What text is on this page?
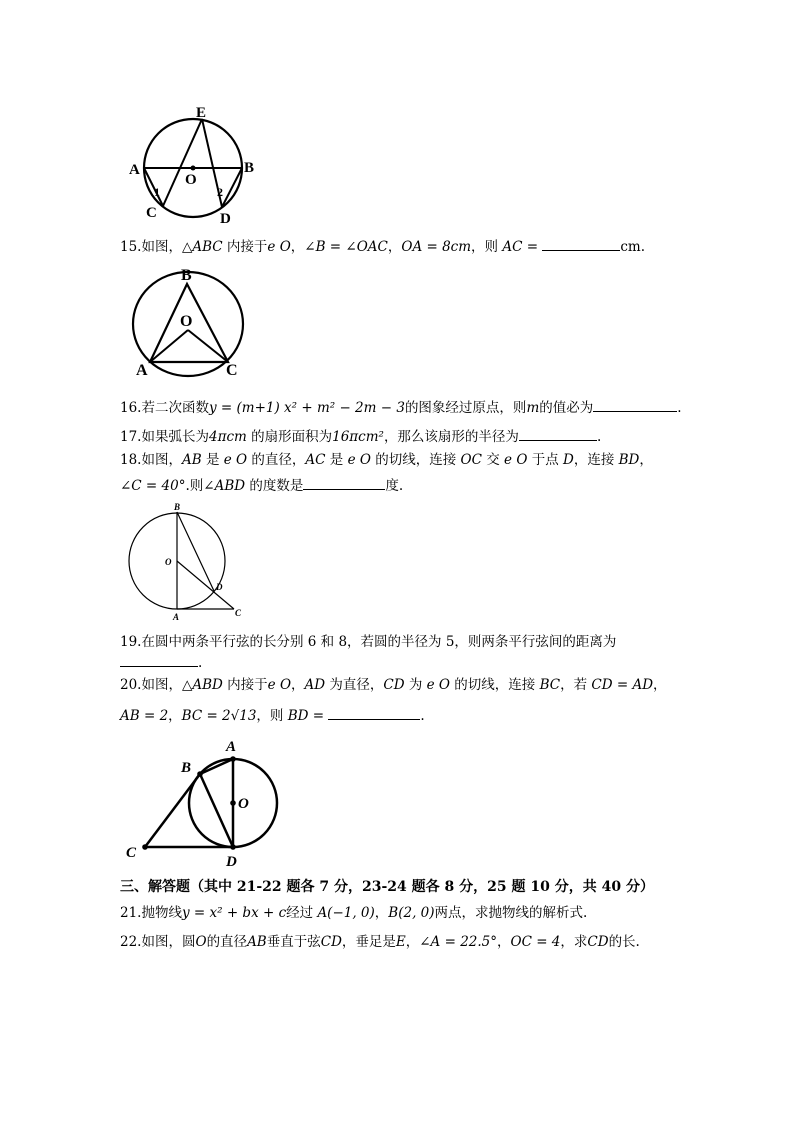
E
A
O
B
1	2
C	D
15.如图，△ABC 内接于e O，∠B = ∠OAC，OA = 8cm，则 AC =	cm.
B
O
A	C
16.若二次函数y = (m+1) x² + m² − 2m − 3的图象经过原点，则m的值必为	.
17.如果弧长为4πcm 的扇形面积为16πcm²，那么该扇形的半径为	.
18.如图，AB 是 e O 的直径，AC 是 e O 的切线，连接 OC 交 e O 于点 D，连接 BD，
∠C = 40°.则∠ABD 的度数是	度.
B
O
D
A	C
19.在圆中两条平行弦的长分别 6 和 8，若圆的半径为 5，则两条平行弦间的距离为
.
20.如图，△ABD 内接于e O，AD 为直径，CD 为 e O 的切线，连接 BC，若 CD = AD，
AB = 2，BC = 2√13，则 BD =	.
A
B
O
C
D
三、解答题（其中 21-22 题各 7 分，23-24 题各 8 分，25 题 10 分，共 40 分）
21.抛物线y = x² + bx + c经过 A(−1, 0)，B(2, 0)两点，求抛物线的解析式.
22.如图，圆O的直径AB垂直于弦CD，垂足是E，∠A = 22.5°，OC = 4，求CD的长.
